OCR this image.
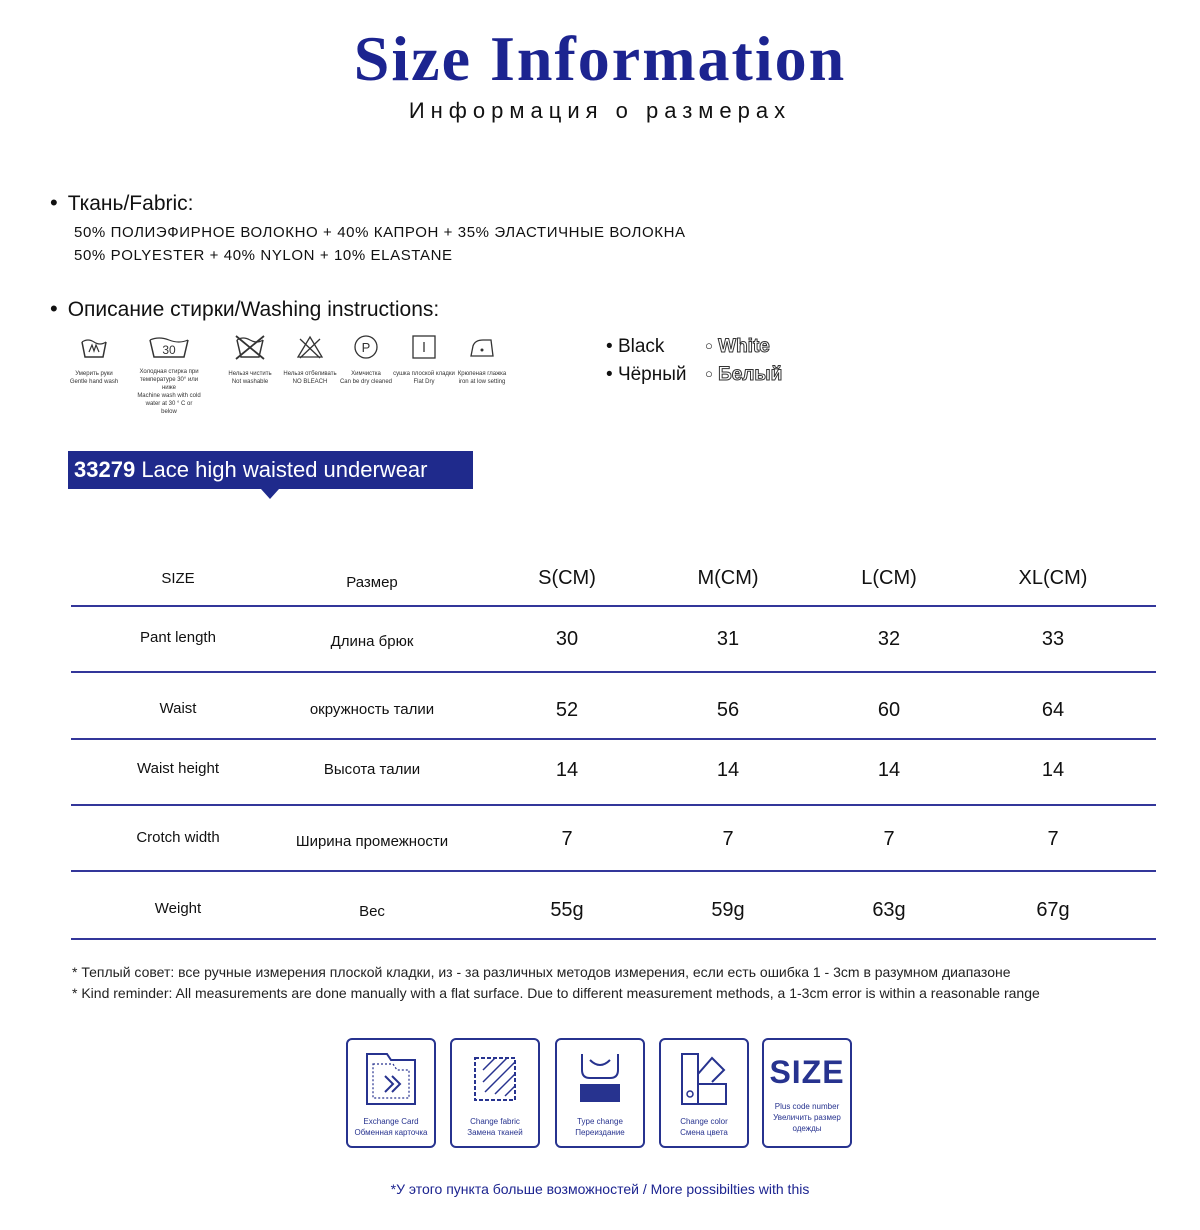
Size Information
Информация о размерах
• Ткань/Fabric:
50% ПОЛИЭФИРНОЕ ВОЛОКНО + 40% КАПРОН + 35% ЭЛАСТИЧНЫЕ ВОЛОКНА
50% POLYESTER + 40% NYLON + 10% ELASTANE
• Описание стирки/Washing instructions:
Умерить руки
Gentle hand wash
30
Холодная стирка при температуре 30° или ниже
Machine wash with cold water at 30 ° C or below
Нельзя чистить
Not washable
Нельзя отбеливать
NO BLEACH
P
Химчистка
Can be dry cleaned
сушка плоской кладки
Flat Dry
Крюпеная глажка
iron at low setting
• Black	○ White
• Чёрный ○ Белый
33279 Lace high waisted underwear
SIZE	Размер	S(CM)	M(CM)	L(CM)	XL(CM)
Pant length	Длина брюк	30	31	32	33
Waist	окружность талии	52	56	60	64
Waist height	Высота талии	14	14	14	14
Crotch width	Ширина промежности	7	7	7	7
Weight	Вес	55g	59g	63g	67g
* Теплый совет: все ручные измерения плоской кладки, из - за различных методов измерения, если есть ошибка 1 - 3cm в разумном диапазоне
* Kind reminder: All measurements are done manually with a flat surface. Due to different measurement methods, a 1-3cm error is within a reasonable range
Exchange Card
Обменная карточка
Change fabric
Замена тканей
Type change
Переиздание
Change color
Смена цвета
SIZE
Plus code number
Увеличить размер одежды
*У этого пункта больше возможностей / More possibilties with this
